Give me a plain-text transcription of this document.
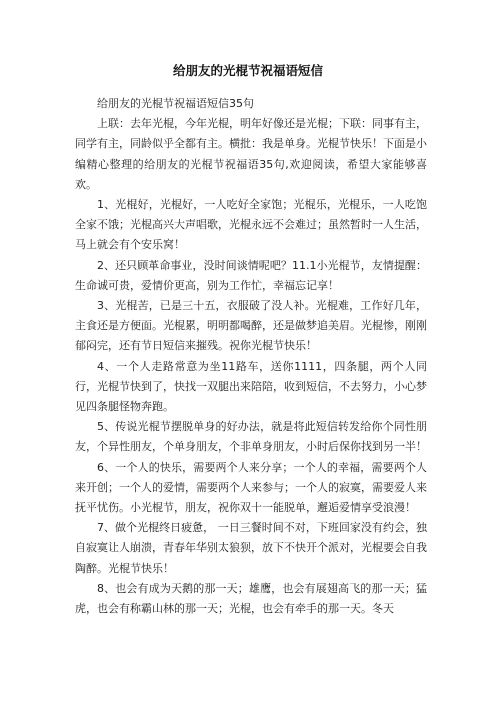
给朋友的光棍节祝福语短信

给朋友的光棍节祝福语短信35句

上联：去年光棍，今年光棍，明年好像还是光棍；下联：同事有主，同学有主，同龄似乎全都有主。横批：我是单身。光棍节快乐！下面是小编精心整理的给朋友的光棍节祝福语35句,欢迎阅读，希望大家能够喜欢。

1、光棍好，光棍好，一人吃好全家饱；光棍乐，光棍乐，一人吃饱全家不饿；光棍高兴大声唱歌，光棍永远不会难过；虽然暂时一人生活，马上就会有个安乐窝！

2、还只顾革命事业，没时间谈情呢吧？11.1小光棍节，友情提醒：生命诚可贵，爱情价更高，别为工作忙，幸福忘记享！

3、光棍苦，已是三十五，衣服破了没人补。光棍难，工作好几年，主食还是方便面。光棍累，明明都喝醉，还是做梦追美眉。光棍惨，刚刚郁闷完，还有节日短信来摧残。祝你光棍节快乐！

4、一个人走路常意为坐11路车，送你1111，四条腿，两个人同行，光棍节快到了，快找一双腿出来陪陪，收到短信，不去努力，小心梦见四条腿怪物奔跑。

5、传说光棍节摆脱单身的好办法，就是将此短信转发给你个同性朋友，个异性朋友，个单身朋友，个非单身朋友，小时后保你找到另一半！

6、一个人的快乐，需要两个人来分享；一个人的幸福，需要两个人来开创；一个人的爱情，需要两个人来参与；一个人的寂寞，需要爱人来抚平忧伤。小光棍节，朋友，祝你双十一能脱单，邂逅爱情享受浪漫！

7、做个光棍终日疲惫， 一日三餐时间不对，下班回家没有约会，独自寂寞让人崩溃，青春年华别太狼狈，放下不快开个派对，光棍要会自我陶醉。光棍节快乐！

8、也会有成为天鹅的那一天；雄鹰，也会有展翅高飞的那一天；猛虎，也会有称霸山林的那一天；光棍，也会有牵手的那一天。冬天
